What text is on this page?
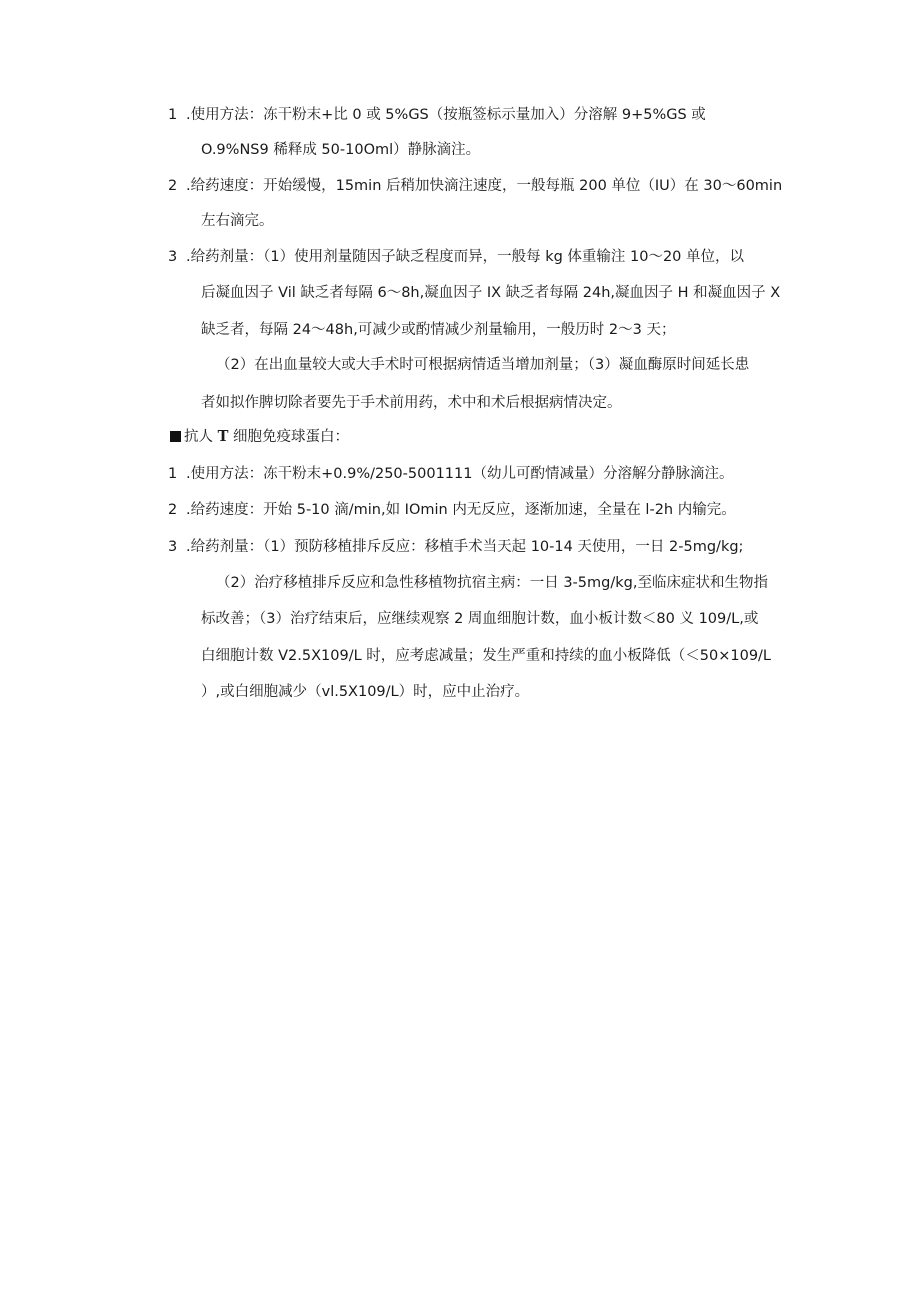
1 .使用方法：冻干粉末+比 0 或 5%GS（按瓶签标示量加入）分溶解 9+5%GS 或
O.9%NS9 稀释成 50-10Oml）静脉滴注。
2 .给药速度：开始缓慢，15min 后稍加快滴注速度，一般每瓶 200 单位（IU）在 30～60min
左右滴完。
3 .给药剂量：（1）使用剂量随因子缺乏程度而异，一般每 kg 体重输注 10～20 单位，以
后凝血因子 Vil 缺乏者每隔 6～8h,凝血因子 IX 缺乏者每隔 24h,凝血因子 H 和凝血因子 X
缺乏者，每隔 24～48h,可减少或酌情减少剂量输用，一般历时 2～3 天；
（2）在出血量较大或大手术时可根据病情适当增加剂量；（3）凝血酶原时间延长患
者如拟作脾切除者要先于手术前用药，术中和术后根据病情决定。
抗人 T 细胞免疫球蛋白：
1 .使用方法：冻干粉末+0.9%/250-5001111（幼儿可酌情减量）分溶解分静脉滴注。
2 .给药速度：开始 5-10 滴/min,如 IOmin 内无反应，逐渐加速，全量在 l-2h 内输完。
3 .给药剂量：（1）预防移植排斥反应：移植手术当天起 10-14 天使用，一日 2-5mg/kg;
（2）治疗移植排斥反应和急性移植物抗宿主病：一日 3-5mg/kg,至临床症状和生物指
标改善；（3）治疗结束后，应继续观察 2 周血细胞计数，血小板计数＜80 义 109/L,或
白细胞计数 V2.5X109/L 时，应考虑减量；发生严重和持续的血小板降低（＜50×109/L
）,或白细胞减少（vl.5X109/L）时，应中止治疗。
